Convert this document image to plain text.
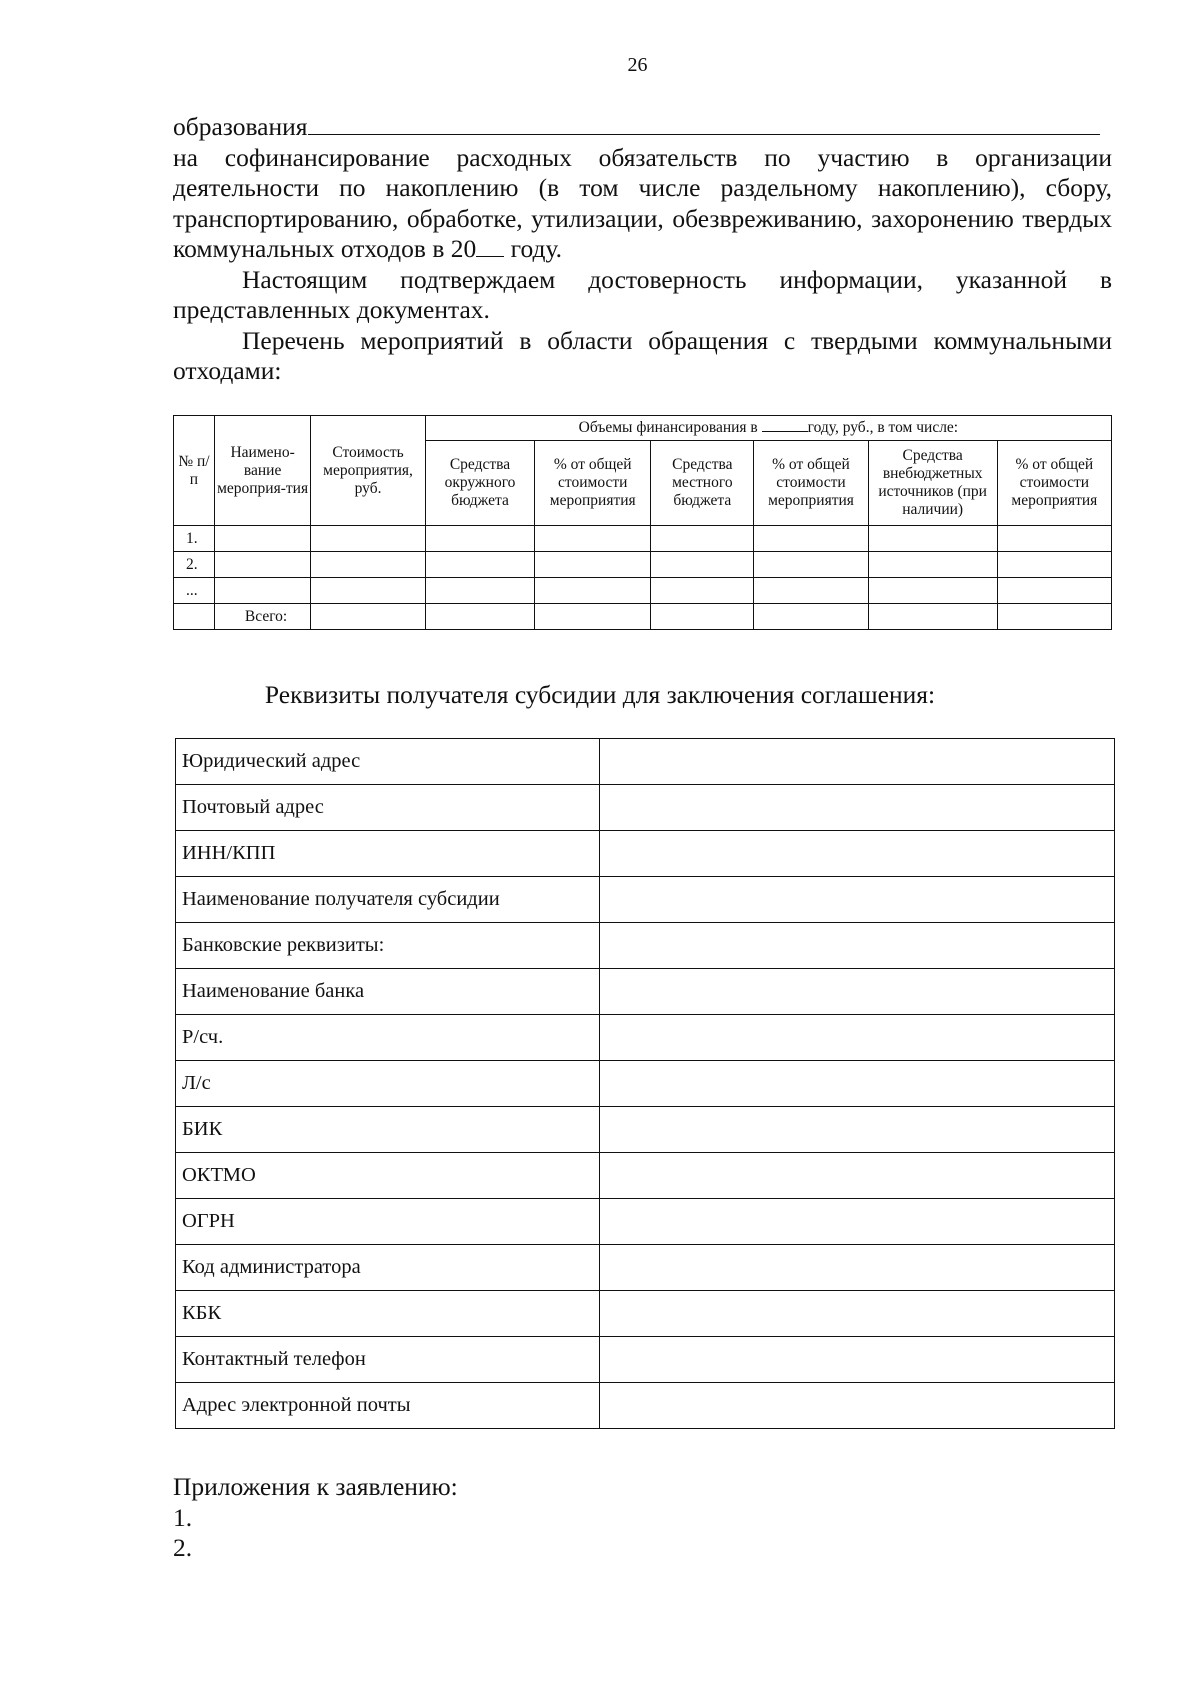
26

образования

на софинансирование расходных обязательств по участию в организации деятельности по накоплению (в том числе раздельному накоплению), сбору, транспортированию, обработке, утилизации, обезвреживанию, захоронению твердых коммунальных отходов в 20 году.

Настоящим подтверждаем достоверность информации, указанной в представленных документах.

Перечень мероприятий в области обращения с твердыми коммунальными отходами:

№ п/п	Наимено-вание мероприя-тия	Стоимость мероприятия, руб.	Объемы финансирования в году, руб., в том числе:					
			Средства окружного бюджета	% от общей стоимости мероприятия	Средства местного бюджета	% от общей стоимости мероприятия	Средства внебюджетных источников (при наличии)	% от общей стоимости мероприятия
1.								
2.								
...								
	Всего:							
Реквизиты получателя субсидии для заключения соглашения:
Юридический адрес	
Почтовый адрес	
ИНН/КПП	
Наименование получателя субсидии	
Банковские реквизиты:	
Наименование банка	
Р/сч.	
Л/с	
БИК	
ОКТМО	
ОГРН	
Код администратора	
КБК	
Контактный телефон	
Адрес электронной почты	
Приложения к заявлению:
1.
2.
